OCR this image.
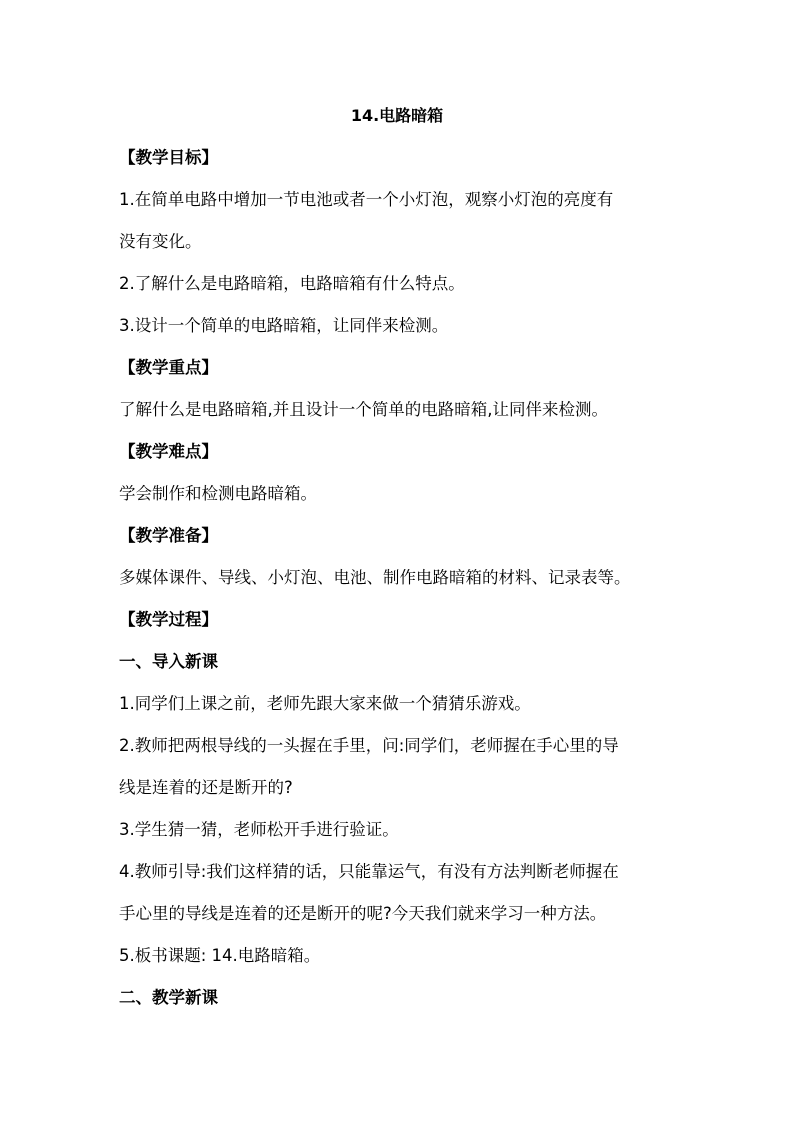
14.电路暗箱
【教学目标】
1.在简单电路中增加一节电池或者一个小灯泡，观察小灯泡的亮度有
没有变化。
2.了解什么是电路暗箱，电路暗箱有什么特点。
3.设计一个简单的电路暗箱，让同伴来检测。
【教学重点】
了解什么是电路暗箱,并且设计一个简单的电路暗箱,让同伴来检测。
【教学难点】
学会制作和检测电路暗箱。
【教学准备】
多媒体课件、导线、小灯泡、电池、制作电路暗箱的材料、记录表等。
【教学过程】
一、导入新课
1.同学们上课之前，老师先跟大家来做一个猜猜乐游戏。
2.教师把两根导线的一头握在手里，问:同学们，老师握在手心里的导
线是连着的还是断开的?
3.学生猜一猜，老师松开手进行验证。
4.教师引导:我们这样猜的话，只能靠运气，有没有方法判断老师握在
手心里的导线是连着的还是断开的呢?今天我们就来学习一种方法。
5.板书课题: 14.电路暗箱。
二、教学新课
